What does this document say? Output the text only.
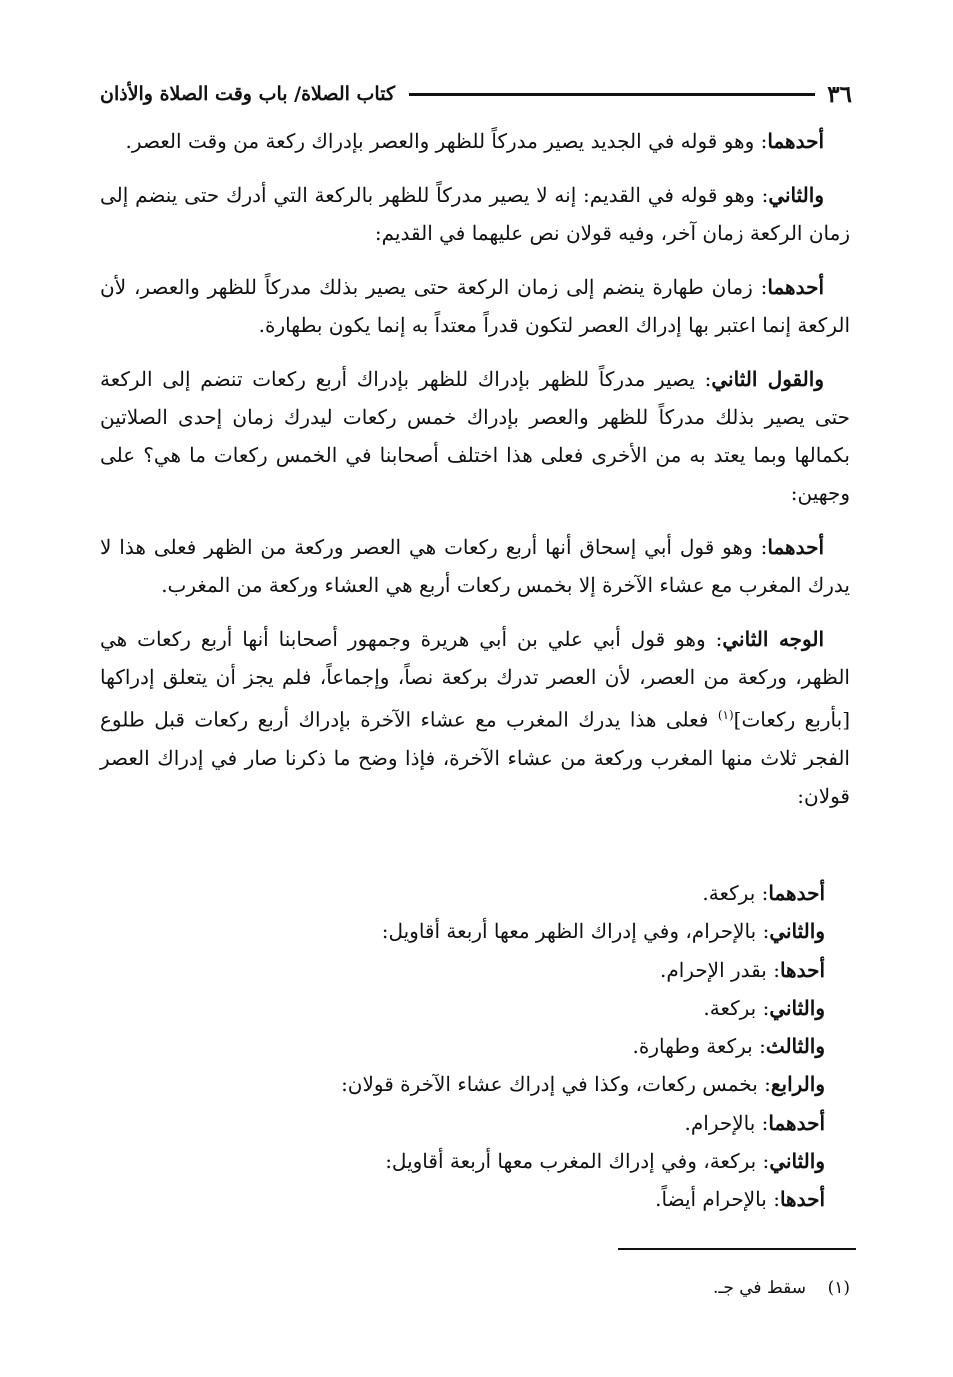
٣٦
كتاب الصلاة/ باب وقت الصلاة والأذان

أحدهما: وهو قوله في الجديد يصير مدركاً للظهر والعصر بإدراك ركعة من وقت العصر.

والثاني: وهو قوله في القديم: إنه لا يصير مدركاً للظهر بالركعة التي أدرك حتى ينضم إلى زمان الركعة زمان آخر، وفيه قولان نص عليهما في القديم:

أحدهما: زمان طهارة ينضم إلى زمان الركعة حتى يصير بذلك مدركاً للظهر والعصر، لأن الركعة إنما اعتبر بها إدراك العصر لتكون قدراً معتداً به إنما يكون بطهارة.

والقول الثاني: يصير مدركاً للظهر بإدراك للظهر بإدراك أربع ركعات تنضم إلى الركعة حتى يصير بذلك مدركاً للظهر والعصر بإدراك خمس ركعات ليدرك زمان إحدى الصلاتين بكمالها وبما يعتد به من الأخرى فعلى هذا اختلف أصحابنا في الخمس ركعات ما هي؟ على وجهين:

أحدهما: وهو قول أبي إسحاق أنها أربع ركعات هي العصر وركعة من الظهر فعلى هذا لا يدرك المغرب مع عشاء الآخرة إلا بخمس ركعات أربع هي العشاء وركعة من المغرب.

الوجه الثاني: وهو قول أبي علي بن أبي هريرة وجمهور أصحابنا أنها أربع ركعات هي الظهر، وركعة من العصر، لأن العصر تدرك بركعة نصاً، وإجماعاً، فلم يجز أن يتعلق إدراكها [بأربع ركعات]$^{(١)}$ فعلى هذا يدرك المغرب مع عشاء الآخرة بإدراك أربع ركعات قبل طلوع الفجر ثلاث منها المغرب وركعة من عشاء الآخرة، فإذا وضح ما ذكرنا صار في إدراك العصر قولان:

أحدهما: بركعة.
والثاني: بالإحرام، وفي إدراك الظهر معها أربعة أقاويل:
أحدها: بقدر الإحرام.
والثاني: بركعة.
والثالث: بركعة وطهارة.
والرابع: بخمس ركعات، وكذا في إدراك عشاء الآخرة قولان:
أحدهما: بالإحرام.
والثاني: بركعة، وفي إدراك المغرب معها أربعة أقاويل:
أحدها: بالإحرام أيضاً.
(١)    سقط في جـ.
